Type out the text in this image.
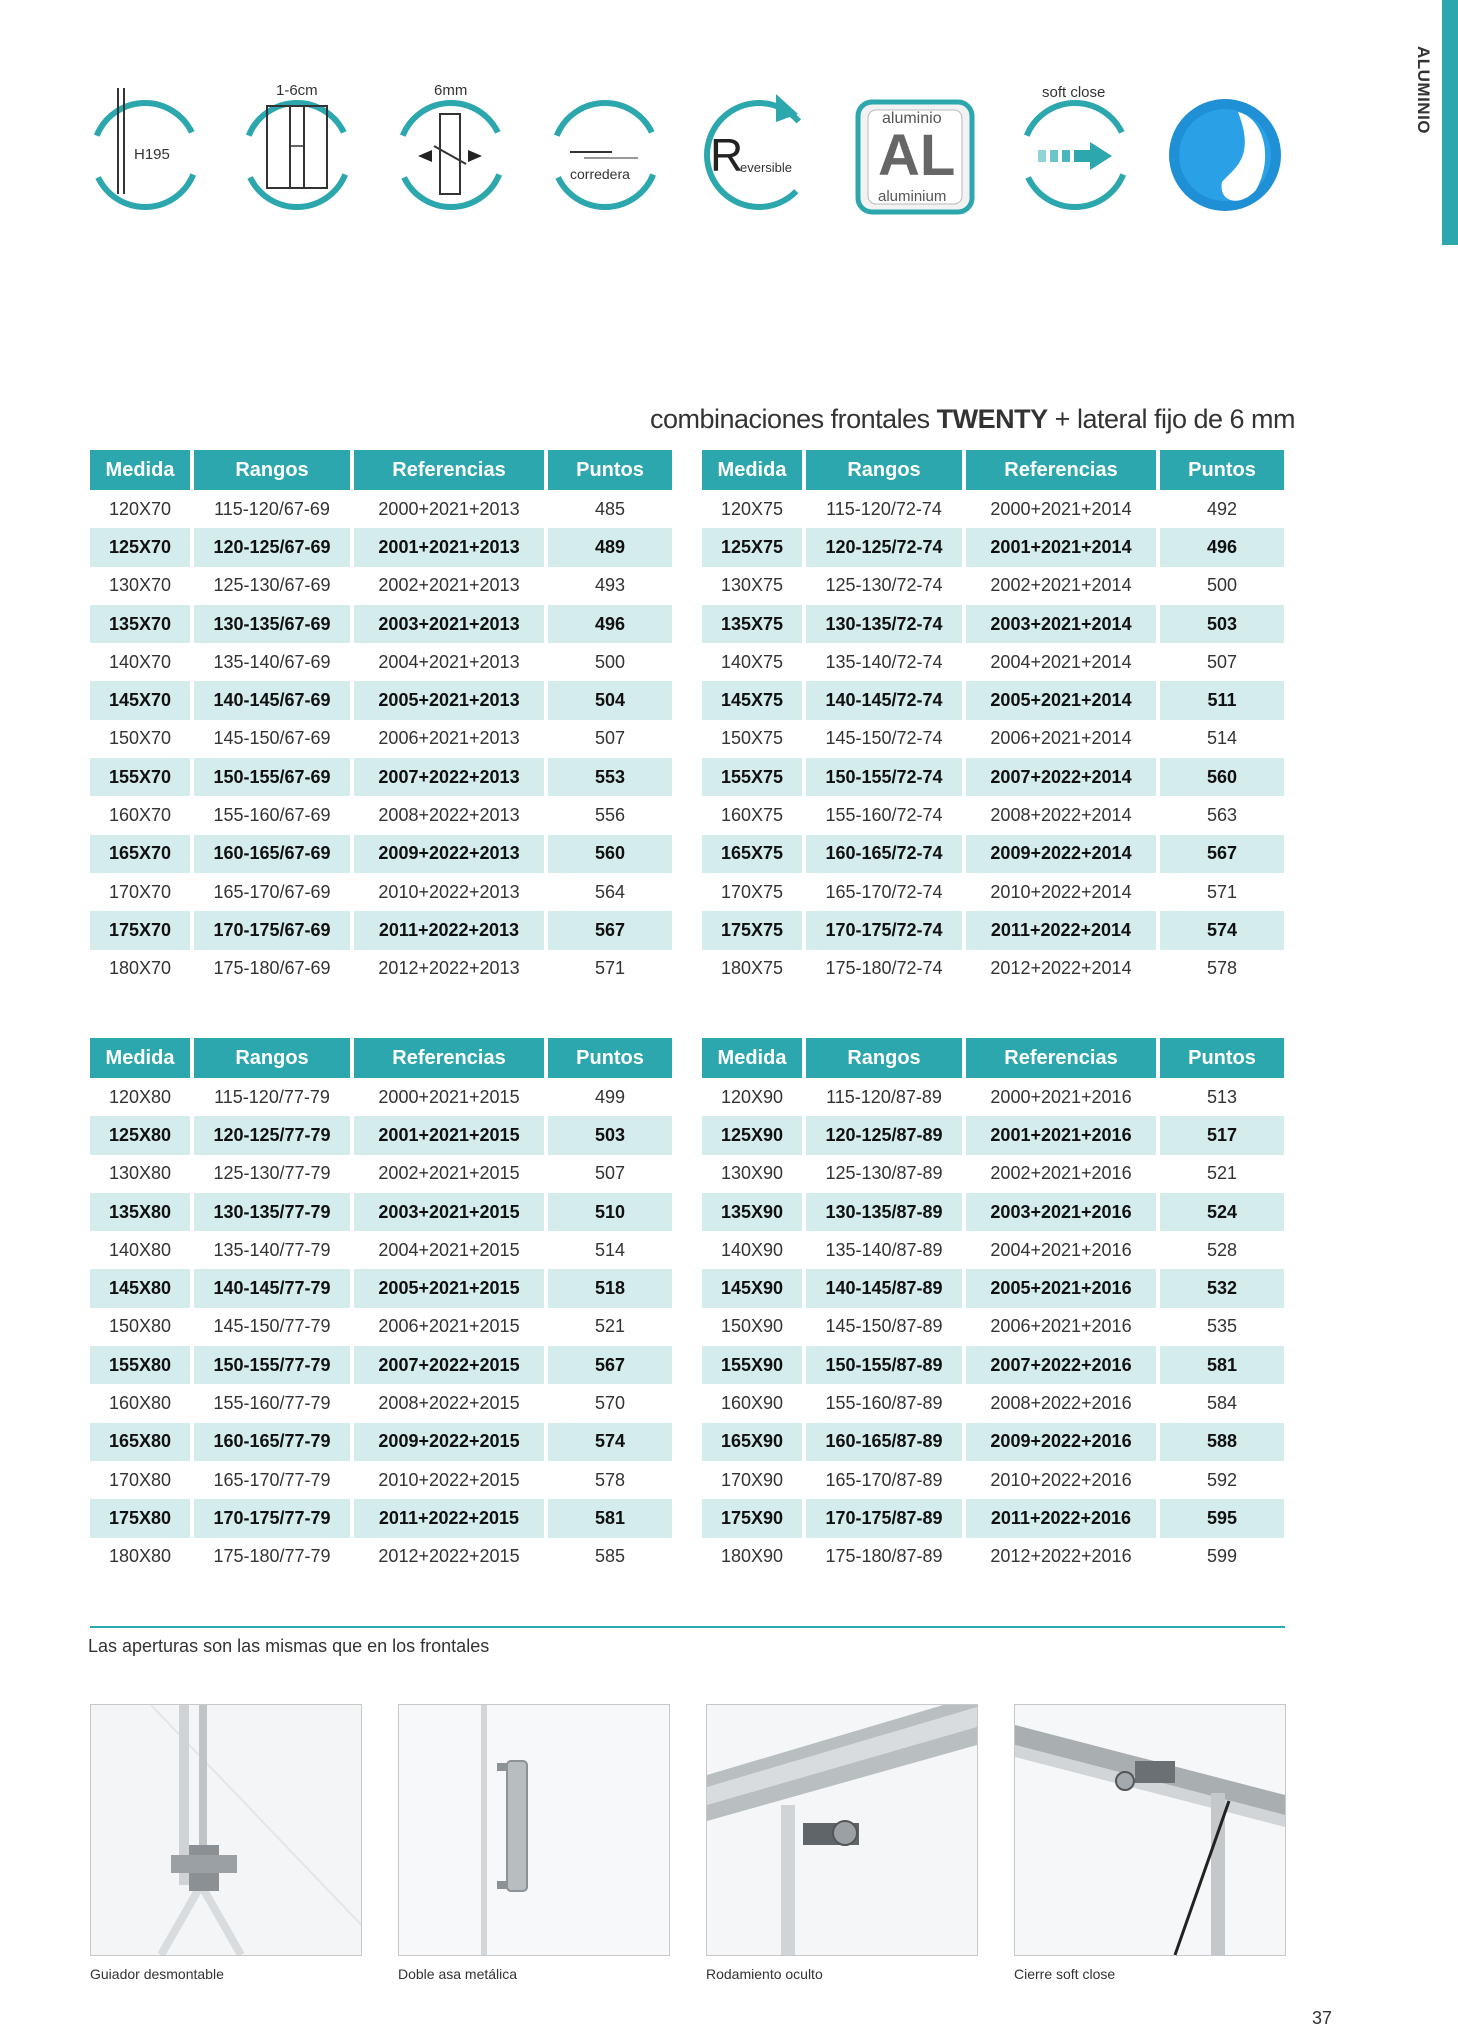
ALUMINIO
H195
1-6cm	6mm
corredera R
eversible
aluminio
AL
aluminium
soft close
combinaciones frontales TWENTY + lateral fijo de 6 mm
Medida	Rangos	Referencias	Puntos
120X70	115-120/67-69	2000+2021+2013	485
125X70	120-125/67-69	2001+2021+2013	489
130X70	125-130/67-69	2002+2021+2013	493
135X70	130-135/67-69	2003+2021+2013	496
140X70	135-140/67-69	2004+2021+2013	500
145X70	140-145/67-69	2005+2021+2013	504
150X70	145-150/67-69	2006+2021+2013	507
155X70	150-155/67-69	2007+2022+2013	553
160X70	155-160/67-69	2008+2022+2013	556
165X70	160-165/67-69	2009+2022+2013	560
170X70	165-170/67-69	2010+2022+2013	564
175X70	170-175/67-69	2011+2022+2013	567
180X70	175-180/67-69	2012+2022+2013	571
Medida	Rangos	Referencias	Puntos
120X75	115-120/72-74	2000+2021+2014	492
125X75	120-125/72-74	2001+2021+2014	496
130X75	125-130/72-74	2002+2021+2014	500
135X75	130-135/72-74	2003+2021+2014	503
140X75	135-140/72-74	2004+2021+2014	507
145X75	140-145/72-74	2005+2021+2014	511
150X75	145-150/72-74	2006+2021+2014	514
155X75	150-155/72-74	2007+2022+2014	560
160X75	155-160/72-74	2008+2022+2014	563
165X75	160-165/72-74	2009+2022+2014	567
170X75	165-170/72-74	2010+2022+2014	571
175X75	170-175/72-74	2011+2022+2014	574
180X75	175-180/72-74	2012+2022+2014	578
Medida	Rangos	Referencias	Puntos
120X80	115-120/77-79	2000+2021+2015	499
125X80	120-125/77-79	2001+2021+2015	503
130X80	125-130/77-79	2002+2021+2015	507
135X80	130-135/77-79	2003+2021+2015	510
140X80	135-140/77-79	2004+2021+2015	514
145X80	140-145/77-79	2005+2021+2015	518
150X80	145-150/77-79	2006+2021+2015	521
155X80	150-155/77-79	2007+2022+2015	567
160X80	155-160/77-79	2008+2022+2015	570
165X80	160-165/77-79	2009+2022+2015	574
170X80	165-170/77-79	2010+2022+2015	578
175X80	170-175/77-79	2011+2022+2015	581
180X80	175-180/77-79	2012+2022+2015	585
Medida	Rangos	Referencias	Puntos
120X90	115-120/87-89	2000+2021+2016	513
125X90	120-125/87-89	2001+2021+2016	517
130X90	125-130/87-89	2002+2021+2016	521
135X90	130-135/87-89	2003+2021+2016	524
140X90	135-140/87-89	2004+2021+2016	528
145X90	140-145/87-89	2005+2021+2016	532
150X90	145-150/87-89	2006+2021+2016	535
155X90	150-155/87-89	2007+2022+2016	581
160X90	155-160/87-89	2008+2022+2016	584
165X90	160-165/87-89	2009+2022+2016	588
170X90	165-170/87-89	2010+2022+2016	592
175X90	170-175/87-89	2011+2022+2016	595
180X90	175-180/87-89	2012+2022+2016	599
Las aperturas son las mismas que en los frontales
Guiador desmontable	Doble asa metálica	Rodamiento oculto	Cierre soft close
37
